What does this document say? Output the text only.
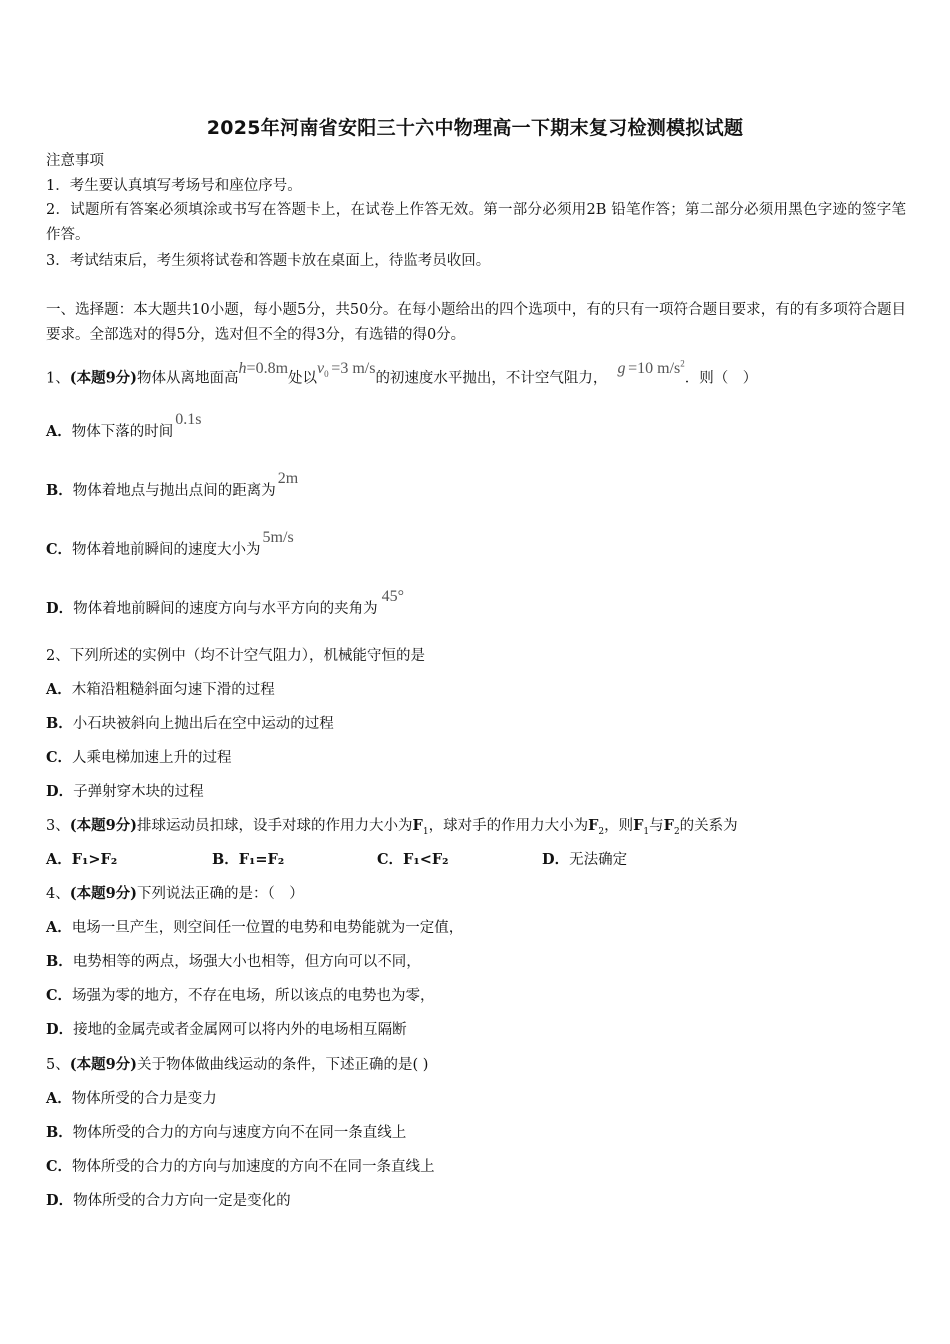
2025年河南省安阳三十六中物理高一下期末复习检测模拟试题
注意事项
1．考生要认真填写考场号和座位序号。
2．试题所有答案必须填涂或书写在答题卡上，在试卷上作答无效。第一部分必须用2B 铅笔作答；第二部分必须用黑色字迹的签字笔作答。
3．考试结束后，考生须将试卷和答题卡放在桌面上，待监考员收回。
一、选择题：本大题共10小题，每小题5分，共50分。在每小题给出的四个选项中，有的只有一项符合题目要求，有的有多项符合题目要求。全部选对的得5分，选对但不全的得3分，有选错的得0分。
1、(本题9分)物体从离地面高h=0.8m处以$v_0$  =3 m/s的初速度水平抛出，不计空气阻力，g  =10 $m/s^2$．则（　）
A．物体下落的时间0.1s
B．物体着地点与抛出点间的距离为2m
C．物体着地前瞬间的速度大小为5m/s
D．物体着地前瞬间的速度方向与水平方向的夹角为45°
2、下列所述的实例中（均不计空气阻力），机械能守恒的是
A．木箱沿粗糙斜面匀速下滑的过程
B．小石块被斜向上抛出后在空中运动的过程
C．人乘电梯加速上升的过程
D．子弹射穿木块的过程
3、(本题9分)排球运动员扣球，设手对球的作用力大小为$F_1$，球对手的作用力大小为$F_2$，则$F_1$与$F_2$的关系为
A．F₁>F₂	B．F₁=F₂	C．F₁<F₂	D．无法确定
4、(本题9分)下列说法正确的是：（　）
A．电场一旦产生，则空间任一位置的电势和电势能就为一定值，
B．电势相等的两点，场强大小也相等，但方向可以不同，
C．场强为零的地方，不存在电场，所以该点的电势也为零，
D．接地的金属壳或者金属网可以将内外的电场相互隔断
5、(本题9分)关于物体做曲线运动的条件，下述正确的是( )
A．物体所受的合力是变力
B．物体所受的合力的方向与速度方向不在同一条直线上
C．物体所受的合力的方向与加速度的方向不在同一条直线上
D．物体所受的合力方向一定是变化的
